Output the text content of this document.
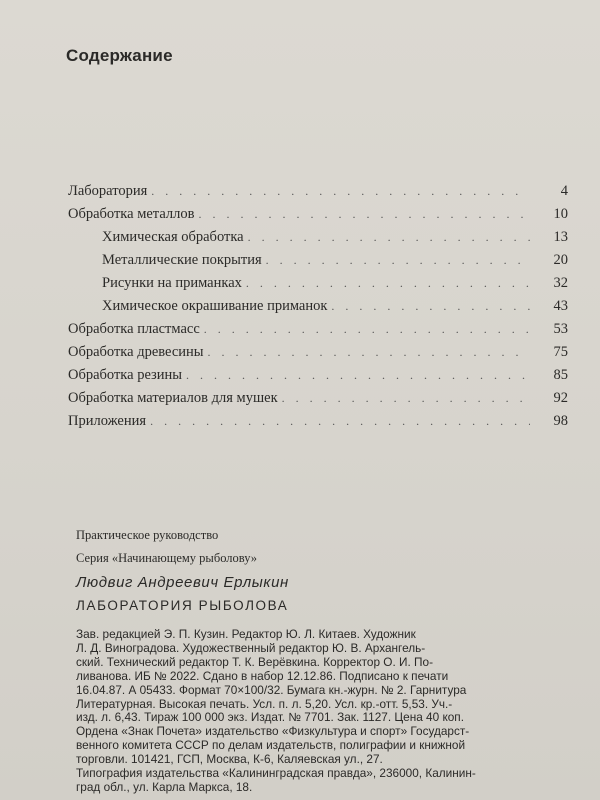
Содержание
Лаборатория . . .	4
Обработка металлов . . .	10
Химическая обработка . . .	13
Металлические покрытия . . .	20
Рисунки на приманках . . .	32
Химическое окрашивание приманок . . .	43
Обработка пластмасс . . .	53
Обработка древесины . . .	75
Обработка резины . . .	85
Обработка материалов для мушек . . .	92
Приложения . . .	98
Практическое руководство
Серия «Начинающему рыболову»
Людвиг Андреевич Ерлыкин
ЛАБОРАТОРИЯ РЫБОЛОВА
Зав. редакцией Э. П. Кузин. Редактор Ю. Л. Китаев. Художник
Л. Д. Виноградова. Художественный редактор Ю. В. Архангель-
ский. Технический редактор Т. К. Верёвкина. Корректор О. И. По-
ливанова. ИБ № 2022. Сдано в набор 12.12.86. Подписано к печати
16.04.87. А 05433. Формат 70×100/32. Бумага кн.-журн. № 2. Гарнитура
Литературная. Высокая печать. Усл. п. л. 5,20. Усл. кр.-отт. 5,53. Уч.-
изд. л. 6,43. Тираж 100 000 экз. Издат. № 7701. Зак. 1127. Цена 40 коп.
Ордена «Знак Почета» издательство «Физкультура и спорт» Государст-
венного комитета СССР по делам издательств, полиграфии и книжной
торговли. 101421, ГСП, Москва, К-6, Каляевская ул., 27.
Типография издательства «Калининградская правда», 236000, Калинин-
град обл., ул. Карла Маркса, 18.
